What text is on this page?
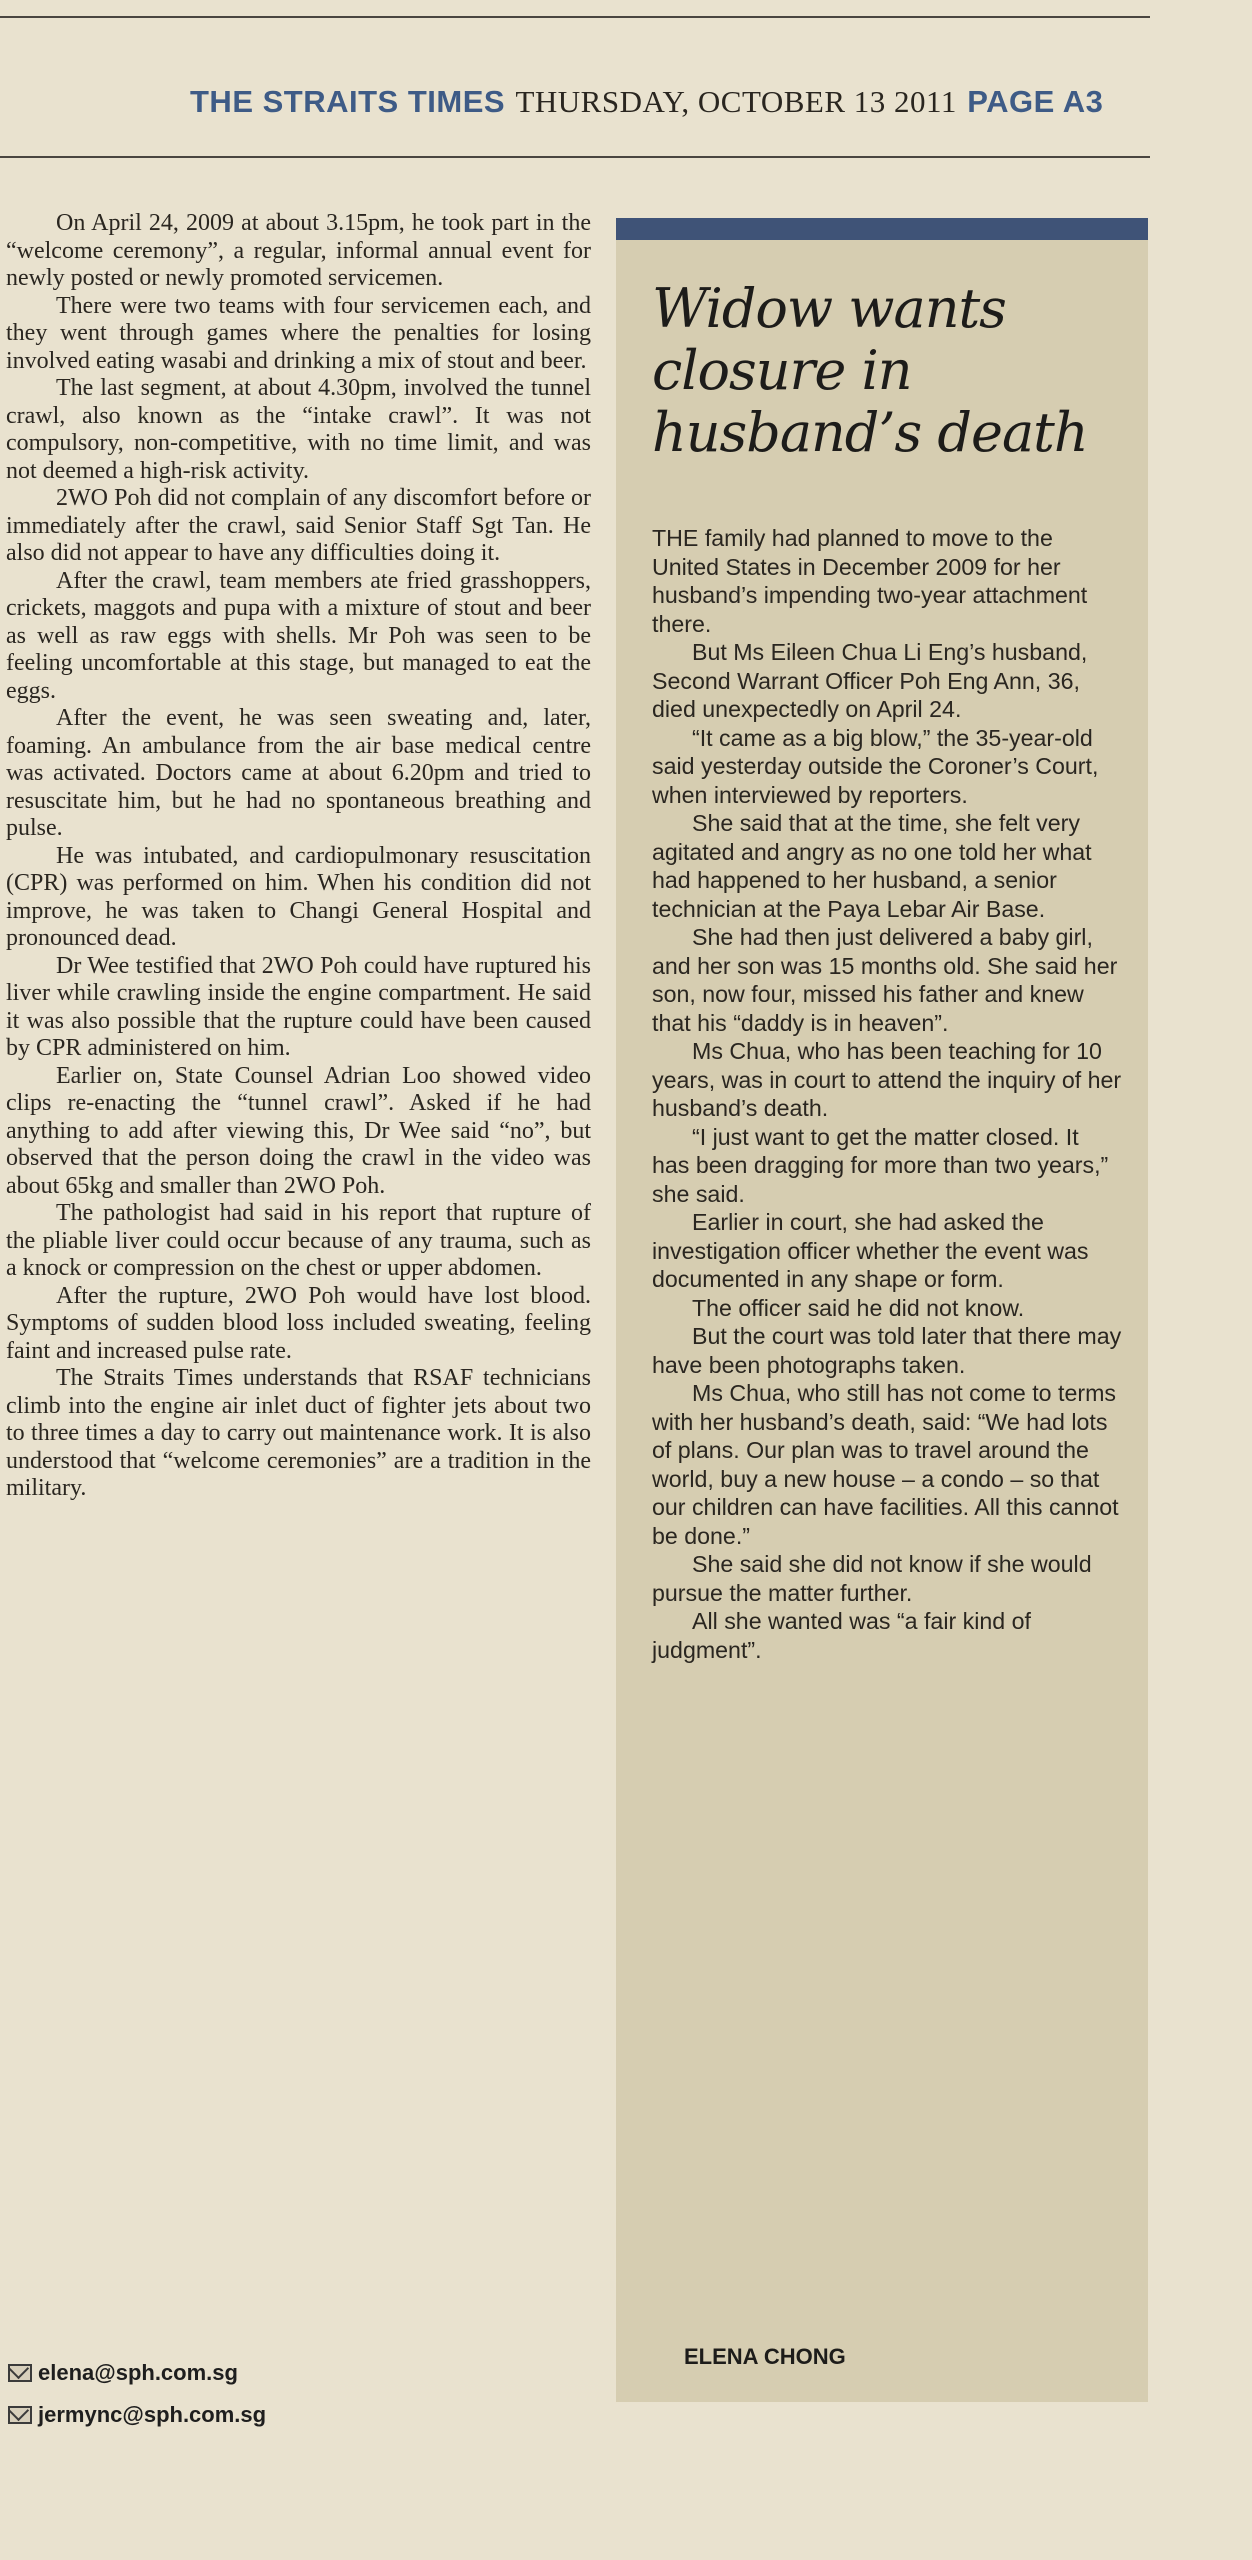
THE STRAITS TIMES THURSDAY, OCTOBER 13 2011 PAGE A3

On April 24, 2009 at about 3.15pm, he took part in the “welcome ceremony”, a regular, informal annual event for newly posted or newly promoted servicemen.

There were two teams with four servicemen each, and they went through games where the penalties for losing involved eating wasabi and drinking a mix of stout and beer.

The last segment, at about 4.30pm, involved the tunnel crawl, also known as the “intake crawl”. It was not compulsory, non-competitive, with no time limit, and was not deemed a high-risk activity.

2WO Poh did not complain of any discomfort before or immediately after the crawl, said Senior Staff Sgt Tan. He also did not appear to have any difficulties doing it.

After the crawl, team members ate fried grasshoppers, crickets, maggots and pupa with a mixture of stout and beer as well as raw eggs with shells. Mr Poh was seen to be feeling uncomfortable at this stage, but managed to eat the eggs.

After the event, he was seen sweating and, later, foaming. An ambulance from the air base medical centre was activated. Doctors came at about 6.20pm and tried to resuscitate him, but he had no spontaneous breathing and pulse.

He was intubated, and cardiopulmonary resuscitation (CPR) was performed on him. When his condition did not improve, he was taken to Changi General Hospital and pronounced dead.

Dr Wee testified that 2WO Poh could have ruptured his liver while crawling inside the engine compartment. He said it was also possible that the rupture could have been caused by CPR administered on him.

Earlier on, State Counsel Adrian Loo showed video clips re-enacting the “tunnel crawl”. Asked if he had anything to add after viewing this, Dr Wee said “no”, but observed that the person doing the crawl in the video was about 65kg and smaller than 2WO Poh.

The pathologist had said in his report that rupture of the pliable liver could occur because of any trauma, such as a knock or compression on the chest or upper abdomen.

After the rupture, 2WO Poh would have lost blood. Symptoms of sudden blood loss included sweating, feeling faint and increased pulse rate.

The Straits Times understands that RSAF technicians climb into the engine air inlet duct of fighter jets about two to three times a day to carry out maintenance work. It is also understood that “welcome ceremonies” are a tradition in the military.

elena@sph.com.sg
jermync@sph.com.sg
Widow wants closure in husband’s death

THE family had planned to move to the United States in December 2009 for her husband’s impending two-year attachment there.

But Ms Eileen Chua Li Eng’s husband, Second Warrant Officer Poh Eng Ann, 36, died unexpectedly on April 24.

“It came as a big blow,” the 35-year-old said yesterday outside the Coroner’s Court, when interviewed by reporters.

She said that at the time, she felt very agitated and angry as no one told her what had happened to her husband, a senior technician at the Paya Lebar Air Base.

She had then just delivered a baby girl, and her son was 15 months old. She said her son, now four, missed his father and knew that his “daddy is in heaven”.

Ms Chua, who has been teaching for 10 years, was in court to attend the inquiry of her husband’s death.

“I just want to get the matter closed. It has been dragging for more than two years,” she said.

Earlier in court, she had asked the investigation officer whether the event was documented in any shape or form.

The officer said he did not know.

But the court was told later that there may have been photographs taken.

Ms Chua, who still has not come to terms with her husband’s death, said: “We had lots of plans. Our plan was to travel around the world, buy a new house – a condo – so that our children can have facilities. All this cannot be done.”

She said she did not know if she would pursue the matter further.

All she wanted was “a fair kind of judgment”.

ELENA CHONG
